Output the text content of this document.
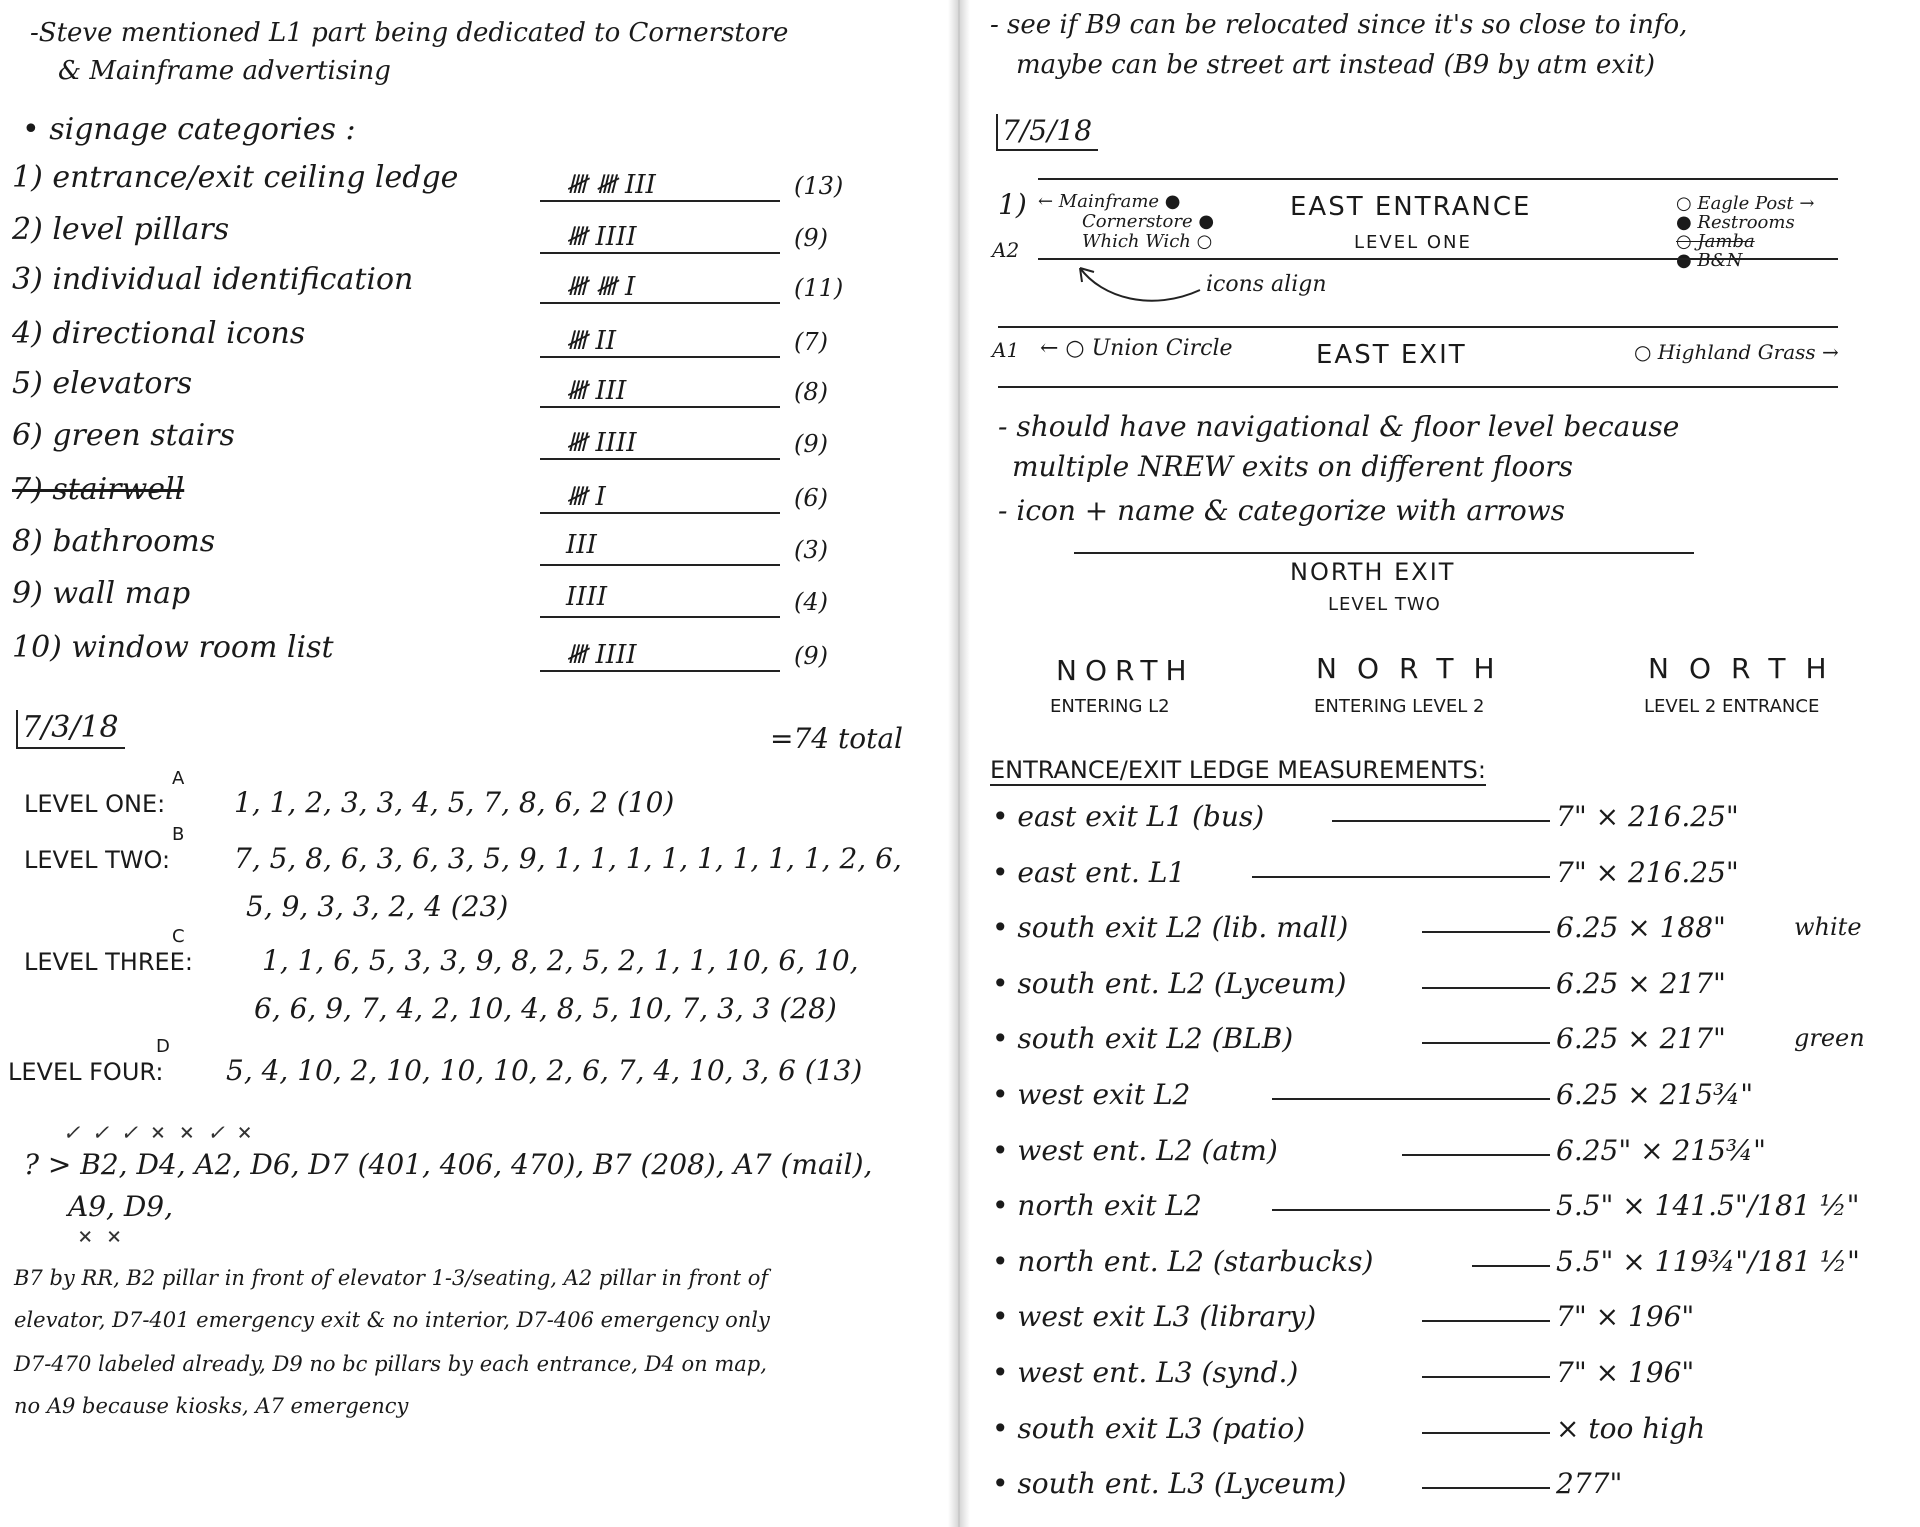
-Steve mentioned L1 part being dedicated to Cornerstore
& Mainframe advertising
• signage categories :
1) entrance/exit ceiling ledge	𝍸 𝍸 III	(13)
2) level pillars	𝍸 IIII	(9)
3) individual identification	𝍸 𝍸 I	(11)
4) directional icons	𝍸 II	(7)
5) elevators	𝍸 III	(8)
6) green stairs	𝍸 IIII	(9)
7) stairwell	𝍸 I	(6)
8) bathrooms	III	(3)
9) wall map	IIII	(4)
10) window room list	𝍸 IIII	(9)
7/3/18	=74 total
A
LEVEL ONE: 1, 1, 2, 3, 3, 4, 5, 7, 8, 6, 2 (10)
B
LEVEL TWO: 7, 5, 8, 6, 3, 6, 3, 5, 9, 1, 1, 1, 1, 1, 1, 1, 1, 2, 6,
5, 9, 3, 3, 2, 4 (23)
C
LEVEL THREE: 1, 1, 6, 5, 3, 3, 9, 8, 2, 5, 2, 1, 1, 10, 6, 10,
6, 6, 9, 7, 4, 2, 10, 4, 8, 5, 10, 7, 3, 3 (28)
D
LEVEL FOUR: 5, 4, 10, 2, 10, 10, 10, 2, 6, 7, 4, 10, 3, 6 (13)
✓ ✓ ✓ × × ✓ ×
? > B2, D4, A2, D6, D7 (401, 406, 470), B7 (208), A7 (mail),
A9, D9,
× ×
B7 by RR, B2 pillar in front of elevator 1-3/seating, A2 pillar in front of
elevator, D7-401 emergency exit & no interior, D7-406 emergency only
D7-470 labeled already, D9 no bc pillars by each entrance, D4 on map,
no A9 because kiosks, A7 emergency
- see if B9 can be relocated since it's so close to info,
maybe can be street art instead (B9 by atm exit)
7/5/18
1)
A2
← Mainframe ●
Cornerstore ●
Which Wich ○
EAST ENTRANCE
LEVEL ONE
○ Eagle Post →
● Restrooms
○ Jamba
● B&N
icons align
A1 ← ○ Union Circle	EAST EXIT	○ Highland Grass →
- should have navigational & floor level because
multiple NREW exits on different floors
- icon + name & categorize with arrows
NORTH EXIT
LEVEL TWO
NORTH
ENTERING L2
NORTH
ENTERING LEVEL 2
NORTH
LEVEL 2 ENTRANCE
ENTRANCE/EXIT LEDGE MEASUREMENTS:
• east exit L1 (bus)	7" × 216.25"
• east ent. L1	7" × 216.25"
• south exit L2 (lib. mall)	6.25 × 188"	white
• south ent. L2 (Lyceum)	6.25 × 217"
• south exit L2 (BLB)	6.25 × 217"	green
• west exit L2	6.25 × 215¾"
• west ent. L2 (atm)	6.25" × 215¾"
• north exit L2	5.5" × 141.5"/181 ½"
• north ent. L2 (starbucks)	5.5" × 119¾"/181 ½"
• west exit L3 (library)	7" × 196"
• west ent. L3 (synd.)	7" × 196"
• south exit L3 (patio)	× too high
• south ent. L3 (Lyceum)	277"
